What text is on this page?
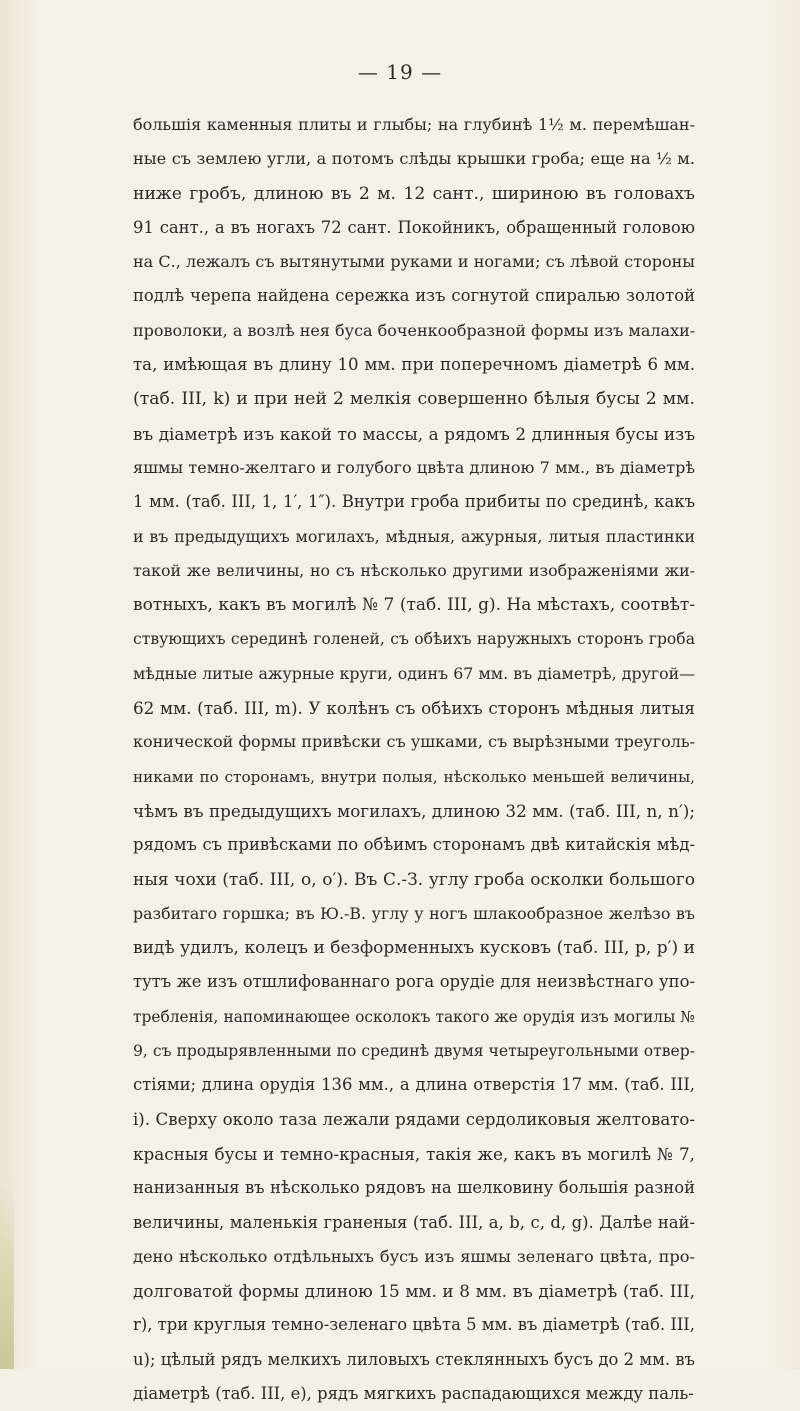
— 19 —
большія каменныя плиты и глыбы; на глубинѣ 1½ м. перемѣшан-
ные съ землею угли, а потомъ слѣды крышки гроба; еще на ½ м.
ниже гробъ, длиною въ 2 м. 12 сант., шириною въ головахъ
91 сант., а въ ногахъ 72 сант. Покойникъ, обращенный головою
на С., лежалъ съ вытянутыми руками и ногами; съ лѣвой стороны
подлѣ черепа найдена сережка изъ согнутой спиралью золотой
проволоки, а возлѣ нея буса боченкообразной формы изъ малахи-
та, имѣющая въ длину 10 мм. при поперечномъ діаметрѣ 6 мм.
(таб. III, k) и при ней 2 мелкія совершенно бѣлыя бусы 2 мм.
въ діаметрѣ изъ какой то массы, а рядомъ 2 длинныя бусы изъ
яшмы темно-желтаго и голубого цвѣта длиною 7 мм., въ діаметрѣ
1 мм. (таб. III, 1, 1′, 1″). Внутри гроба прибиты по срединѣ, какъ
и въ предыдущихъ могилахъ, мѣдныя, ажурныя, литыя пластинки
такой же величины, но съ нѣсколько другими изображеніями жи-
вотныхъ, какъ въ могилѣ № 7 (таб. III, g). На мѣстахъ, соотвѣт-
ствующихъ серединѣ голеней, съ обѣихъ наружныхъ сторонъ гроба
мѣдные литые ажурные круги, одинъ 67 мм. въ діаметрѣ, другой—
62 мм. (таб. III, m). У колѣнъ съ обѣихъ сторонъ мѣдныя литыя
конической формы привѣски съ ушками, съ вырѣзными треуголь-
никами по сторонамъ, внутри полыя, нѣсколько меньшей величины,
чѣмъ въ предыдущихъ могилахъ, длиною 32 мм. (таб. III, n, n′);
рядомъ съ привѣсками по обѣимъ сторонамъ двѣ китайскія мѣд-
ныя чохи (таб. III, o, o′). Въ С.-З. углу гроба осколки большого
разбитаго горшка; въ Ю.-В. углу у ногъ шлакообразное желѣзо въ
видѣ удилъ, колецъ и безформенныхъ кусковъ (таб. III, p, p′) и
тутъ же изъ отшлифованнаго рога орудіе для неизвѣстнаго упо-
требленія, напоминающее осколокъ такого же орудія изъ могилы №
9, съ продырявленными по срединѣ двумя четыреугольными отвер-
стіями; длина орудія 136 мм., а длина отверстія 17 мм. (таб. III,
i). Сверху около таза лежали рядами сердоликовыя желтовато-
красныя бусы и темно-красныя, такія же, какъ въ могилѣ № 7,
нанизанныя въ нѣсколько рядовъ на шелковину большія разной
величины, маленькія граненыя (таб. III, a, b, c, d, g). Далѣе най-
дено нѣсколько отдѣльныхъ бусъ изъ яшмы зеленаго цвѣта, про-
долговатой формы длиною 15 мм. и 8 мм. въ діаметрѣ (таб. III,
r), три круглыя темно-зеленаго цвѣта 5 мм. въ діаметрѣ (таб. III,
u); цѣлый рядъ мелкихъ лиловыхъ стеклянныхъ бусъ до 2 мм. въ
діаметрѣ (таб. III, e), рядъ мягкихъ распадающихся между паль-
